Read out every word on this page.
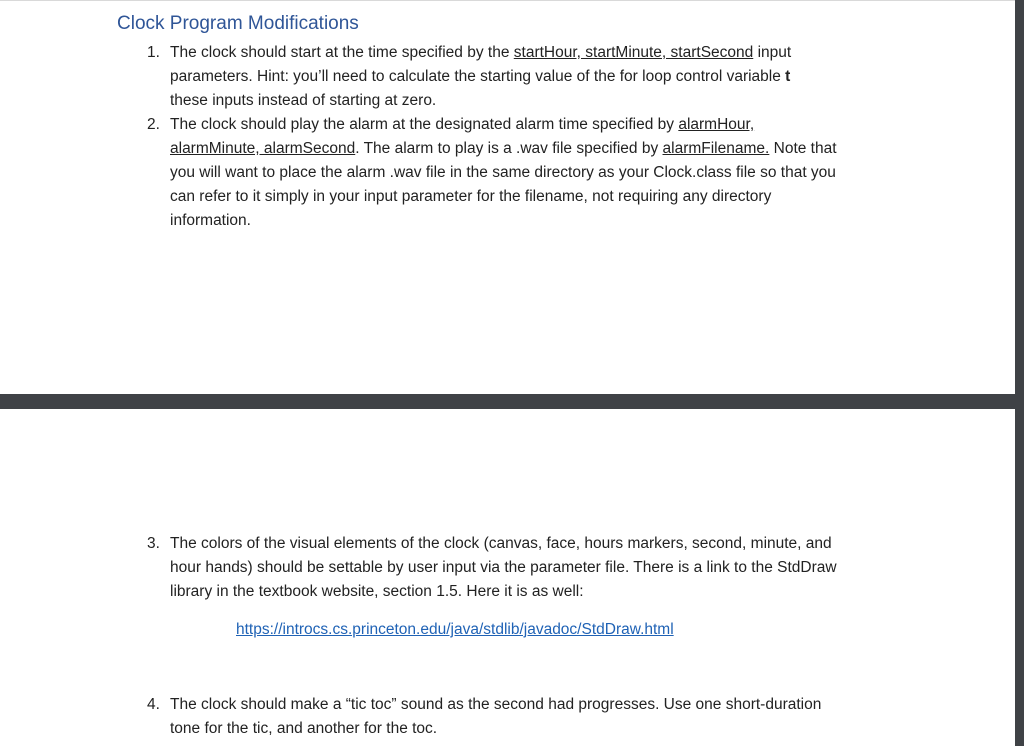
Clock Program Modifications
1. The clock should start at the time specified by the startHour, startMinute, startSecond input
parameters. Hint: you’ll need to calculate the starting value of the for loop control variable t
these inputs instead of starting at zero.
2. The clock should play the alarm at the designated alarm time specified by alarmHour,
alarmMinute, alarmSecond. The alarm to play is a .wav file specified by alarmFilename. Note that
you will want to place the alarm .wav file in the same directory as your Clock.class file so that you
can refer to it simply in your input parameter for the filename, not requiring any directory
information.
3. The colors of the visual elements of the clock (canvas, face, hours markers, second, minute, and
hour hands) should be settable by user input via the parameter file. There is a link to the StdDraw
library in the textbook website, section 1.5. Here it is as well:
https://introcs.cs.princeton.edu/java/stdlib/javadoc/StdDraw.html
4. The clock should make a “tic toc” sound as the second had progresses. Use one short-duration
tone for the tic, and another for the toc.
